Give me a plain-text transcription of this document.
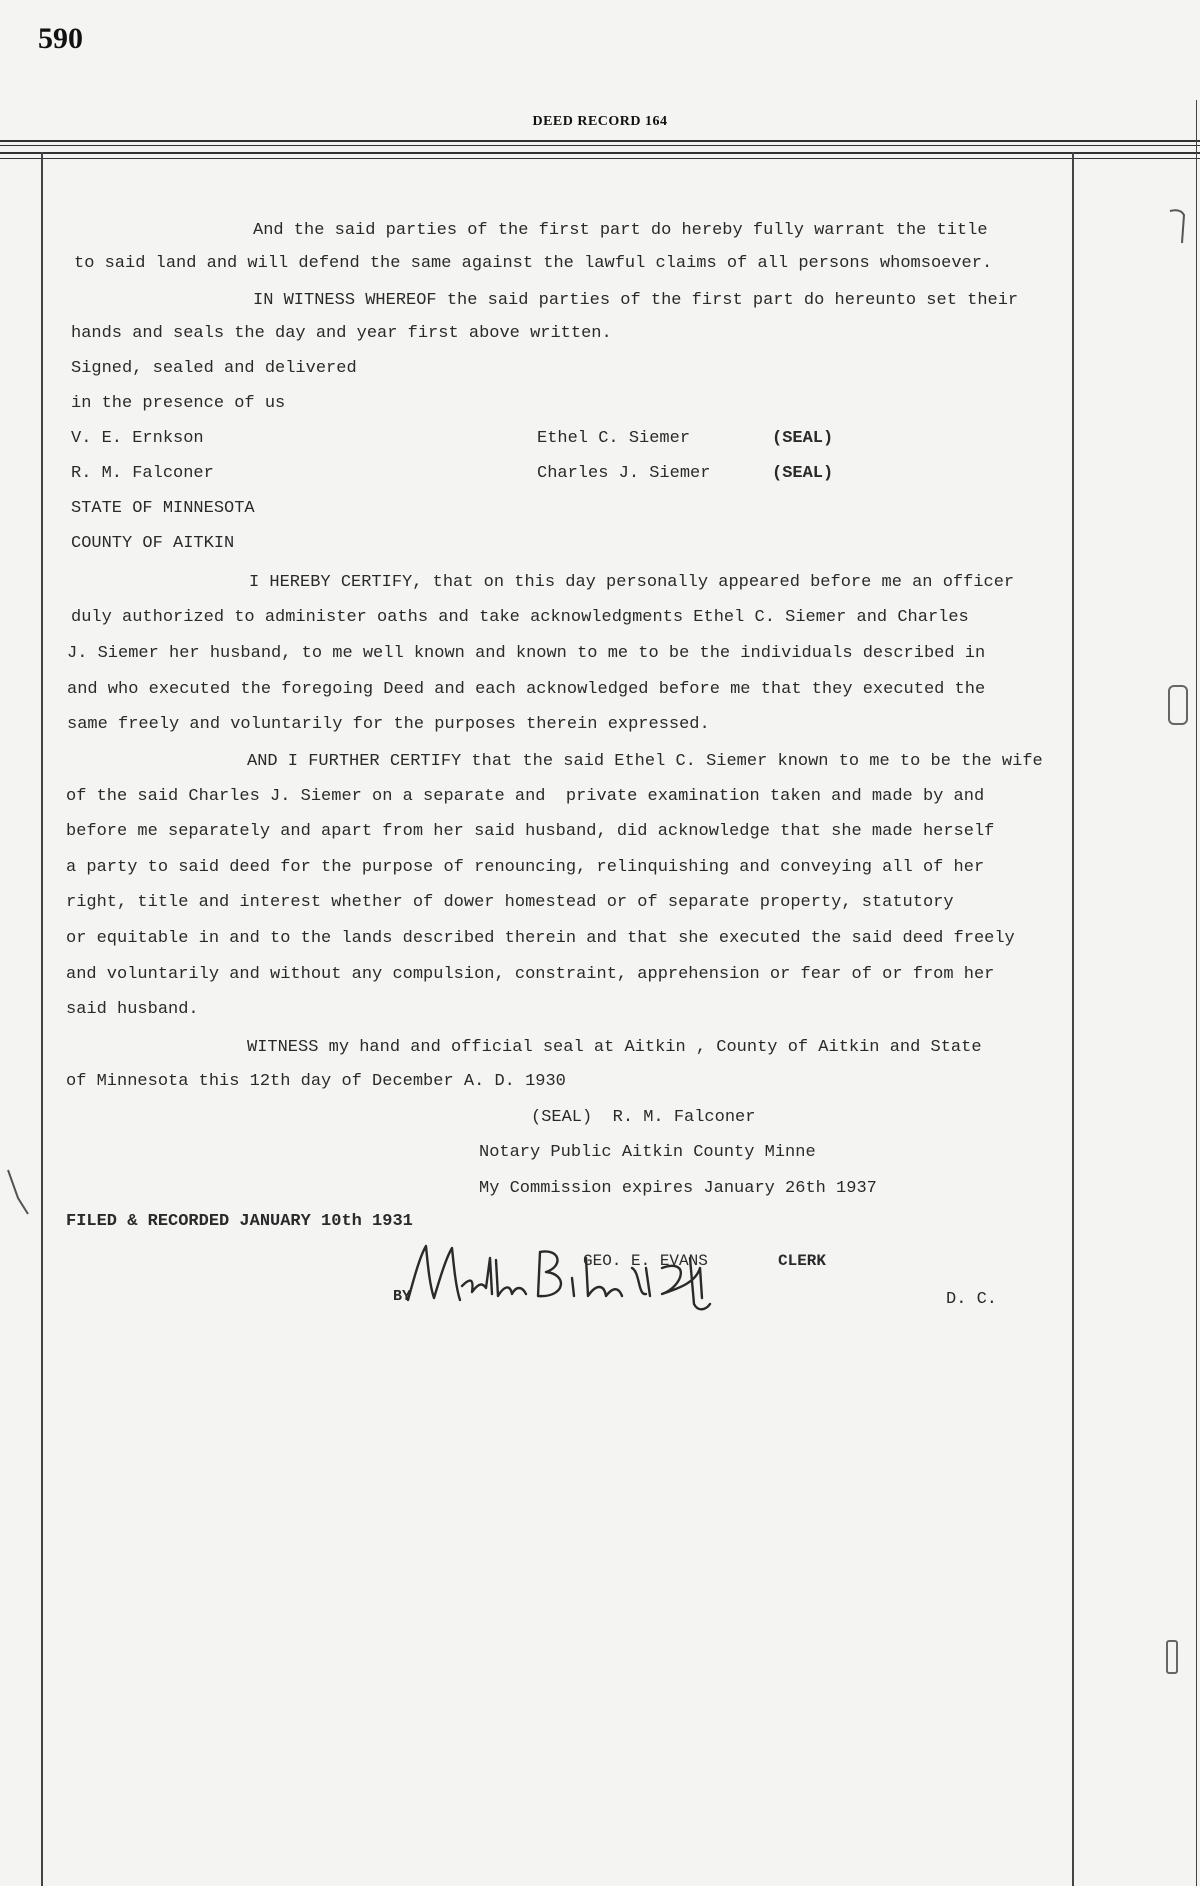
590
DEED RECORD 164
And the said parties of the first part do hereby fully warrant the title
to said land and will defend the same against the lawful claims of all persons whomsoever.
IN WITNESS WHEREOF the said parties of the first part do hereunto set their
hands and seals the day and year first above written.
Signed, sealed and delivered
in the presence of us
V. E. Ernkson	Ethel C. Siemer	(SEAL)
R. M. Falconer	Charles J. Siemer	(SEAL)
STATE OF MINNESOTA
COUNTY OF AITKIN
I HEREBY CERTIFY, that on this day personally appeared before me an officer
duly authorized to administer oaths and take acknowledgments Ethel C. Siemer and Charles
J. Siemer her husband, to me well known and known to me to be the individuals described in
and who executed the foregoing Deed and each acknowledged before me that they executed the
same freely and voluntarily for the purposes therein expressed.
AND I FURTHER CERTIFY that the said Ethel C. Siemer known to me to be the wife
of the said Charles J. Siemer on a separate and  private examination taken and made by and
before me separately and apart from her said husband, did acknowledge that she made herself
a party to said deed for the purpose of renouncing, relinquishing and conveying all of her
right, title and interest whether of dower homestead or of separate property, statutory
or equitable in and to the lands described therein and that she executed the said deed freely
and voluntarily and without any compulsion, constraint, apprehension or fear of or from her
said husband.
WITNESS my hand and official seal at Aitkin , County of Aitkin and State
of Minnesota this 12th day of December A. D. 1930
(SEAL)  R. M. Falconer
Notary Public Aitkin County Minne
My Commission expires January 26th 1937
FILED & RECORDED JANUARY 10th 1931
GEO. E. EVANS	CLERK
BY	D. C.
